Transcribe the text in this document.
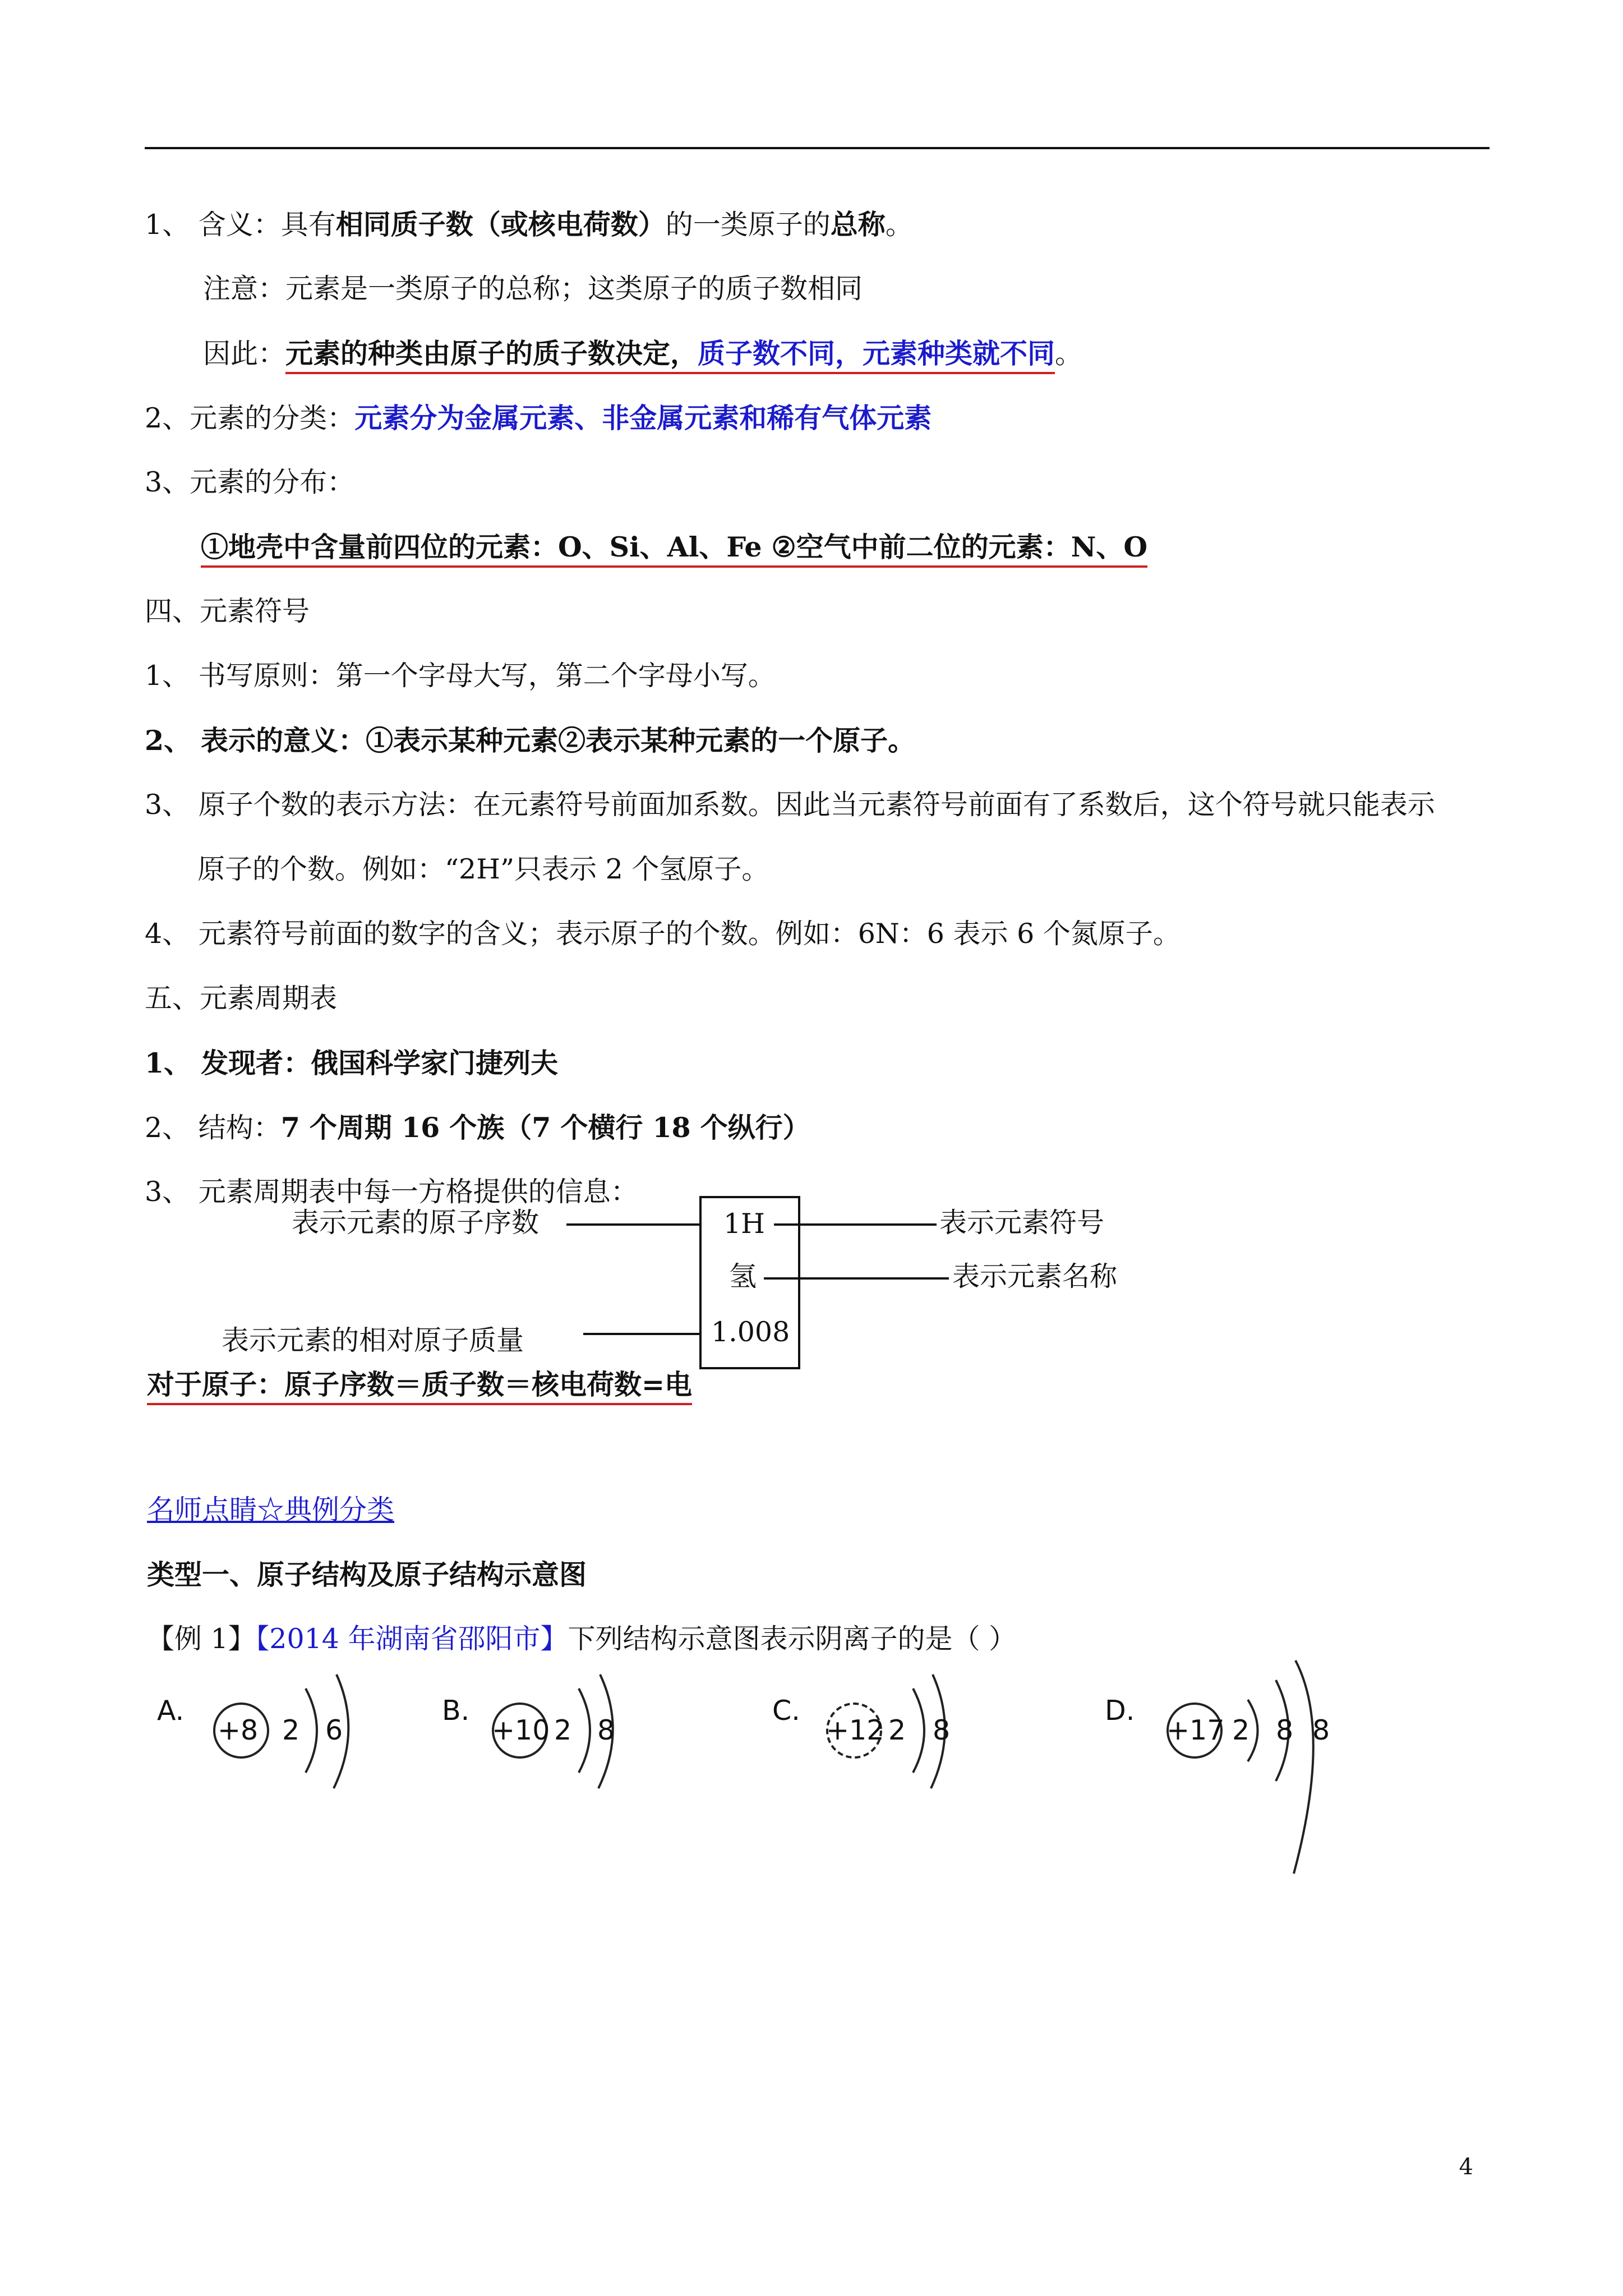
1、 含义：具有相同质子数（或核电荷数）的一类原子的总称。
注意：元素是一类原子的总称；这类原子的质子数相同
因此：元素的种类由原子的质子数决定，质子数不同，元素种类就不同。
2、元素的分类：元素分为金属元素、非金属元素和稀有气体元素
3、元素的分布：
①地壳中含量前四位的元素：O、Si、Al、Fe ②空气中前二位的元素：N、O
四、元素符号
1、 书写原则：第一个字母大写，第二个字母小写。
2、 表示的意义：①表示某种元素②表示某种元素的一个原子。
3、 原子个数的表示方法：在元素符号前面加系数。因此当元素符号前面有了系数后，这个符号就只能表示
原子的个数。例如：“2H”只表示 2 个氢原子。
4、 元素符号前面的数字的含义；表示原子的个数。例如：6N：6 表示 6 个氮原子。
五、元素周期表
1、 发现者：俄国科学家门捷列夫
2、 结构：7 个周期 16 个族（7 个横行 18 个纵行）
3、 元素周期表中每一方格提供的信息：
1H
氢
1.008
表示元素的原子序数	表示元素符号
表示元素名称
表示元素的相对原子质量
对于原子：原子序数＝质子数＝核电荷数=电
名师点睛☆典例分类
类型一、原子结构及原子结构示意图
【例 1】【2014 年湖南省邵阳市】下列结构示意图表示阴离子的是（ ）
A.
+8 2 6
B.
+10 2 8
C.
+12 2 8
D.
+17 2 8 8
4
